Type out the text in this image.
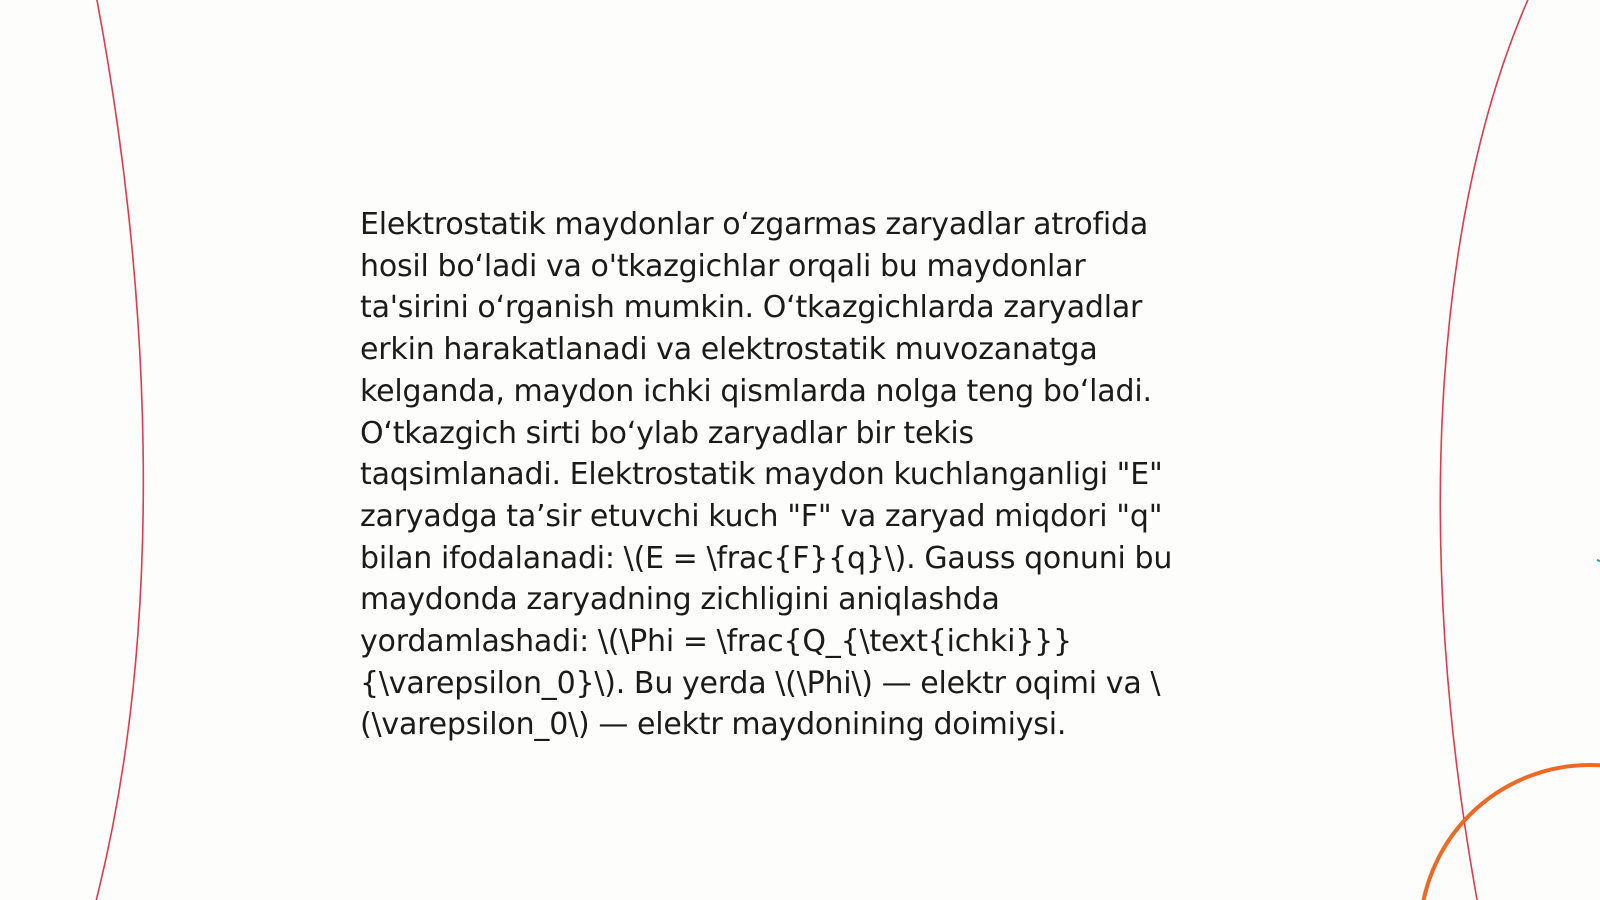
Elektrostatik maydonlar o‘zgarmas zaryadlar atrofida
hosil bo‘ladi va o'tkazgichlar orqali bu maydonlar
ta'sirini o‘rganish mumkin. O‘tkazgichlarda zaryadlar
erkin harakatlanadi va elektrostatik muvozanatga
kelganda, maydon ichki qismlarda nolga teng bo‘ladi.
O‘tkazgich sirti bo‘ylab zaryadlar bir tekis
taqsimlanadi. Elektrostatik maydon kuchlanganligi "E"
zaryadga ta’sir etuvchi kuch "F" va zaryad miqdori "q"
bilan ifodalanadi: \(E = \frac{F}{q}\). Gauss qonuni bu
maydonda zaryadning zichligini aniqlashda
yordamlashadi: \(\Phi = \frac{Q_{\text{ichki}}}
{\varepsilon_0}\). Bu yerda \(\Phi\) — elektr oqimi va \
(\varepsilon_0\) — elektr maydonining doimiysi.
